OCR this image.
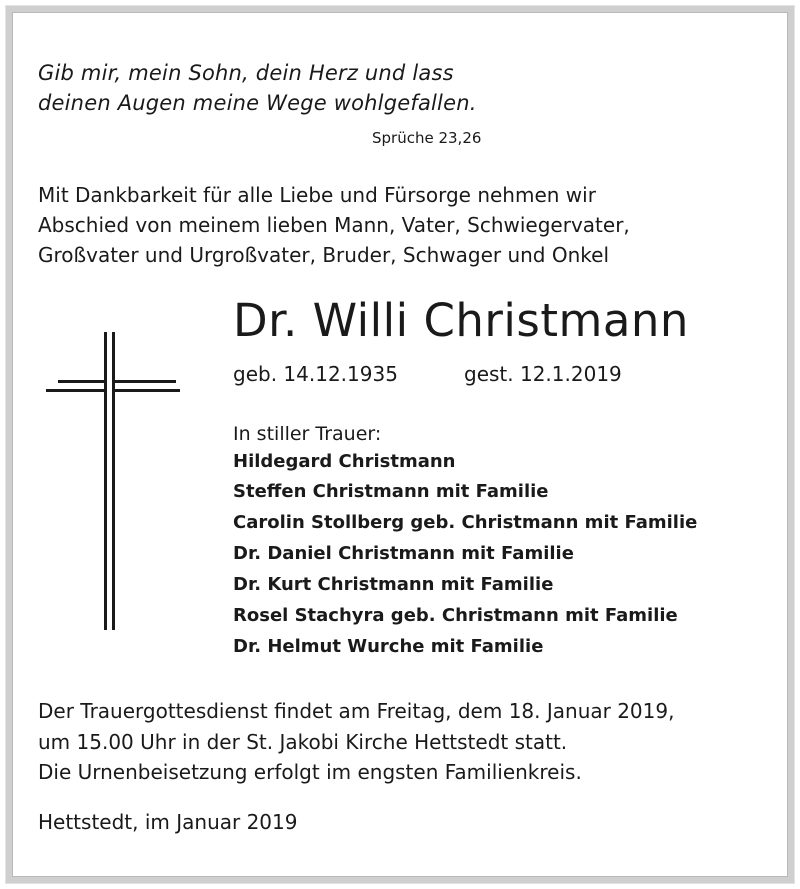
Gib mir, mein Sohn, dein Herz und lass
deinen Augen meine Wege wohlgefallen.
Sprüche 23,26
Mit Dankbarkeit für alle Liebe und Fürsorge nehmen wir
Abschied von meinem lieben Mann, Vater, Schwiegervater,
Großvater und Urgroßvater, Bruder, Schwager und Onkel
Dr. Willi Christmann
geb. 14.12.1935	gest. 12.1.2019
In stiller Trauer:
Hildegard Christmann
Steffen Christmann mit Familie
Carolin Stollberg geb. Christmann mit Familie
Dr. Daniel Christmann mit Familie
Dr. Kurt Christmann mit Familie
Rosel Stachyra geb. Christmann mit Familie
Dr. Helmut Wurche mit Familie
Der Trauergottesdienst findet am Freitag, dem 18. Januar 2019,
um 15.00 Uhr in der St. Jakobi Kirche Hettstedt statt.
Die Urnenbeisetzung erfolgt im engsten Familienkreis.
Hettstedt, im Januar 2019
